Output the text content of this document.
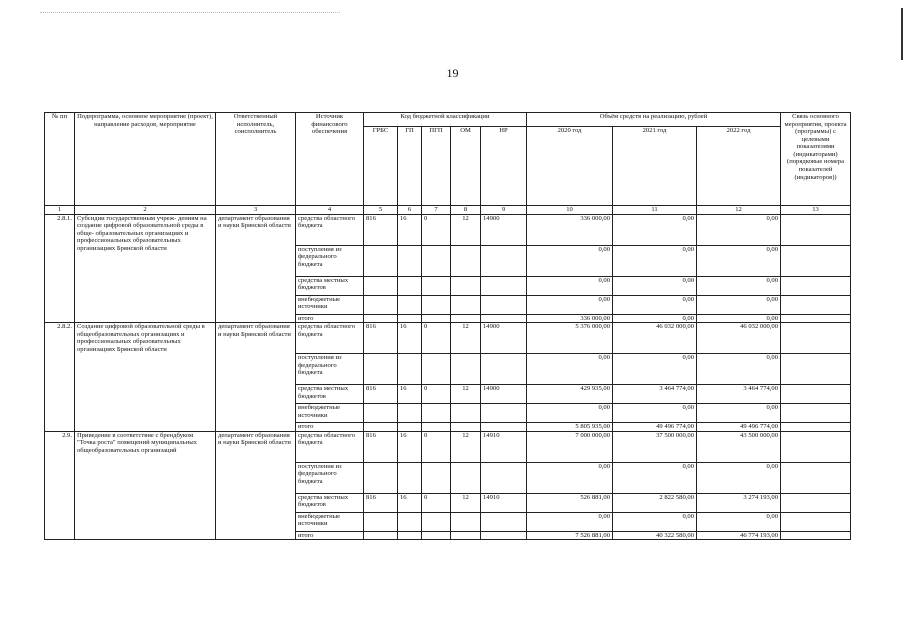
19
№ пп	Подпрограмма, основное мероприятие (проект), направление расходов, мероприятие	Ответственный исполнитель, соисполнитель	Источник финансового обеспечения	Код бюджетной классификации					Объём средств на реализацию, рублей			Связь основного мероприятия, проекта (программы) с целевыми показателями (индикаторами) (порядковые номера показателей (индикаторов))
				ГРБС	ГП	ПГП	ОМ	НР	2020 год	2021 год	2022 год	
1	2	3	4	5	6	7	8	9	10	11	12	13
2.8.1.	Субсидии государственным учреж- дениям на создание цифровой образовательной среды в обще- образовательных организациях и профессиональных образовательных организациях Брянской области	департамент образования и науки Брянской области	средства областного бюджета	816	16	0	12	14900	336 000,00	0,00	0,00	
			поступления из федерального бюджета						0,00	0,00	0,00	
			средства местных бюджетов						0,00	0,00	0,00	
			внебюджетные источники						0,00	0,00	0,00	
			итого						336 000,00	0,00	0,00	
2.8.2.	Создание цифровой образовательной среды в общеобразовательных организациях и профессиональных образовательных организациях Брянской области	департамент образования и науки Брянской области	средства областного бюджета	816	16	0	12	14900	5 376 000,00	46 032 000,00	46 032 000,00	
			поступления из федерального бюджета						0,00	0,00	0,00	
			средства местных бюджетов	816	16	0	12	14900	429 935,00	3 464 774,00	3 464 774,00	
			внебюджетные источники						0,00	0,00	0,00	
			итого						5 805 935,00	49 496 774,00	49 496 774,00	
2.9.	Приведение в соответствие с брендбуком "Точка роста" помещений муниципальных общеобразовательных организаций	департамент образования и науки Брянской области	средства областного бюджета	816	16	0	12	14910	7 000 000,00	37 500 000,00	43 500 000,00	
			поступления из федерального бюджета						0,00	0,00	0,00	
			средства местных бюджетов	816	16	0	12	14910	526 881,00	2 822 580,00	3 274 193,00	
			внебюджетные источники						0,00	0,00	0,00	
			итого						7 526 881,00	40 322 580,00	46 774 193,00	
